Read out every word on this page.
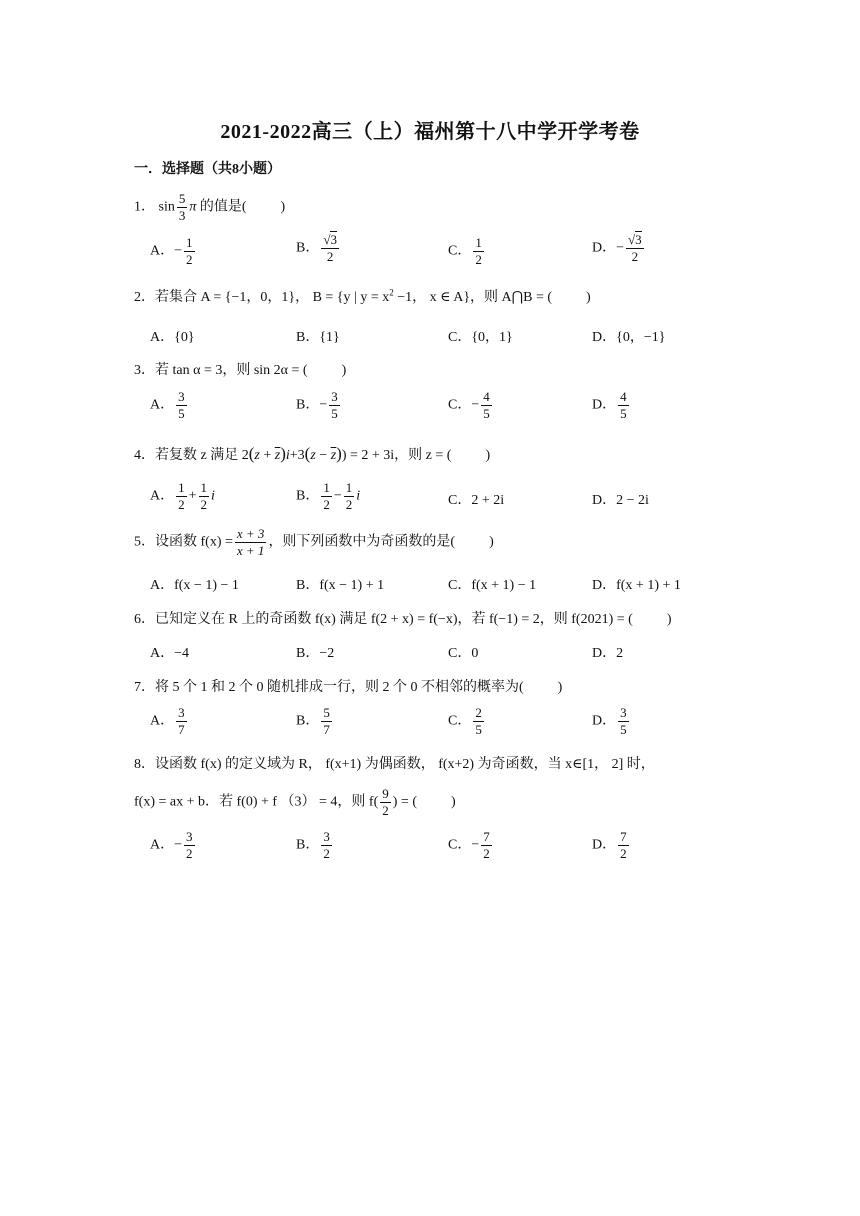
2021-2022高三（上）福州第十八中学开学考卷
一．选择题（共8小题）
1． $\sin \frac{5}{3}$ π 的值是( )
A．− $\frac{1}{2}$	B． $\frac{√3}{2}$	C． $\frac{1}{2}$	D．− $\frac{√3}{2}$
2．若集合 A = {−1，0，1}， B = {y | $y = x^2 -1$， x ∈ A}，则 A⋂B = ( )
A．{0}	B．{1}	C．{0，1}	D．{0，−1}
3．若 tan α = 3，则 sin 2α = ( )
A． $\frac{3}{5}$	B．− $\frac{3}{5}$	C．− $\frac{4}{5}$	D． $\frac{4}{5}$
4．若复数 z 满足 $2(z + \overline{z})i+3(z - \overline{z})) = 2 + 3i$，则 z = ( )
A． $\frac{1}{2} + \frac{1}{2}$ i	B． $\frac{1}{2} - \frac{1}{2}$ i	C．2 + 2i	D．2 − 2i
5．设函数 $f(x) = \frac{x + 3}{x + 1}$ ，则下列函数中为奇函数的是( )
A．f(x − 1) − 1	B．f(x − 1) + 1	C．f(x + 1) − 1	D．f(x + 1) + 1
6．已知定义在 R 上的奇函数 f(x) 满足 f(2 + x) = f(−x)，若 f(−1) = 2，则 f(2021) = ( )
A．−4	B．−2	C．0	D．2
7．将 5 个 1 和 2 个 0 随机排成一行，则 2 个 0 不相邻的概率为( )
A． $\frac{3}{7}$	B． $\frac{5}{7}$	C． $\frac{2}{5}$	D． $\frac{3}{5}$
8．设函数 f(x) 的定义域为 R， f(x+1) 为偶函数， f(x+2) 为奇函数，当 x∈[1， 2] 时，
f(x) = ax + b．若 f(0) + f （3） = 4，则 $f( \frac{9}{2}$ ) = ( )
A．− $\frac{3}{2}$	B． $\frac{3}{2}$	C．− $\frac{7}{2}$	D． $\frac{7}{2}$
